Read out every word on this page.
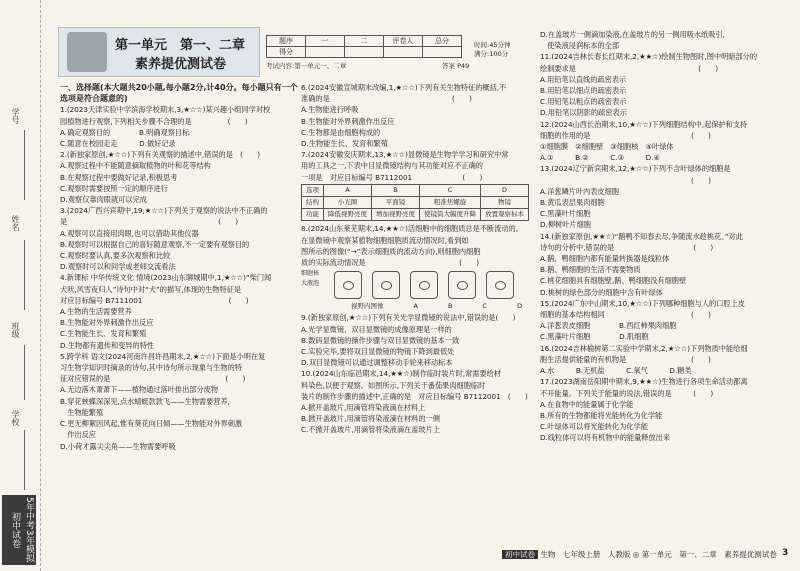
学号
姓名
班级
学校
5年中考3年模拟 初中试卷
第一单元　第一、二章
素养提优测试卷
题序	一	二	评卷人	总分
得分				
时间:45分钟
满分:100分
考试内容:第一单元一、二章	答案 P49

一、选择题(本大题共20小题,每小题2分,计40分。每小题只有一个

选项是符合题意的)

1.(2023天津实验中学滨海学校期末,3,★☆☆)某兴趣小组同学对校

园植物进行观察,下列相关步骤不合理的是　　　　　(　　)

A.确定观察目的　　　　B.明确观察目标

C.随意在校园走走　　　D.做好记录

2.(新独家原创,★☆☆)下列有关观察的描述中,错误的是　(　　)

A.观察过程中不能随意摘取植物的叶和花等结构

B.在观察过程中要做好记录,积极思考

C.观察时需要按照一定的顺序进行

D.观察仅靠肉眼就可以完成

3.(2024广西兴宾期中,19,★☆☆)下列关于观察的说法中不正确的

是　　　　　　　　　　　　　　　　　　　　　(　　)

A.观察可以直接用肉眼,也可以借助其他仪器

B.观察时可以根据自己的喜好随意观察,不一定要有观察目的

C.观察时要认真,要多次观察和比较

D.观察时可以和同学或老师交流看法

4.新课标 中华传统文化 情境(2023山东聊城期中,1,★☆☆)“柴门闻

犬吠,风雪夜归人”诗句中对“犬”的描写,体现的生物特征是

对应目标编号 B7111001　　　　　　　　　　　　(　　)

A.生物的生活需要营养

B.生物能对外界刺激作出反应

C.生物能生长、发育和繁殖

D.生物都有遗传和变异的特性

5.跨学科 语文(2024河南许昌许昌期末,2,★☆☆)下面是小明在复

习生物学知识时摘录的诗句,其中诗句所示现象与生物的特

征对应错误的是　　　　　　　　　　　　　　　　(　　)

A.无边落木萧萧下——植物通过落叶排出部分废物

B.穿花蛱蝶深深见,点水蜻蜓款款飞——生物需要营养,

　生物能繁殖

C.更无柳絮因风起,惟有葵花向日倾——生物能对外界刺激

　作出反应

D.小荷才露尖尖角——生物需要呼吸

6.(2024安徽宣城期末改编,1,★☆☆)下列有关生物特征的概括,不

准确的是　　　　　　　　　　　　　　　　　(　　)

A.生物能进行呼吸

B.生物能对外界刺激作出反应

C.生物都是由细胞构成的

D.生物能生长、发育和繁殖

7.(2024安徽安庆期末,13,★☆☆)显微镜是生物学学习和研究中常

用的工具之一,下表中目显微镜结构与其功能对应不正确的

一项是　对应目标编号 B7112001　　　　　　　(　　)

选项	A	B	C	D
结构	小光圈	平面镜	粗准焦螺旋	物镜
功能	降低视野亮度	增加视野亮度	使镜筒大幅度升降	放置观察标本

8.(2024山东莱芜期末,14,★★☆)活细胞中的细胞质总是不断流动的。

在显微镜中观察某植物细胞细胞质流动情况时,看到如

图所示的图像(“→”表示细胞质的流动方向),则细胞内细胞

质的实际流动情况是　　　　　　　　　　　　　(　　)

细胞核
大液泡
视野内图像	A	B	C	D

9.(新独家原创,★☆☆)下列有关光学显微镜的说法中,错误的是(　　)

A.光学显微镜、双目显微镜的成像原理是一样的

B.数码显微镜的操作步骤与双目显微镜的基本一致

C.实验完毕,要将双目显微镜的物镜下降到最低处

D.双目显微镜可以通过调整移动手轮来移动标本

10.(2024山东临邑期末,14,★★☆)制作临时装片时,常需要给材

料染色,以便于观察。如图所示,下列关于番茄果肉细胞临时

装片的制作步骤的描述中,正确的是　对应目标编号 B7112001　(　　)

A.掀开盖玻片,用滴管将染液滴在材料上

B.掀开盖玻片,用滴管将染液滴在材料的一侧

C.不掀开盖玻片,用滴管将染液滴在盖玻片上

D.在盖玻片一侧滴加染液,在盖玻片的另一侧用吸水纸吸引,

　使染液浸润标本的全部

11.(2024吉林长春长红期末,2,★★☆)绘制生物图时,图中明暗部分的

绘制要求是　　　　　　　　　　　　　　　　　(　　)

A.用铅笔以直线的疏密表示

B.用铅笔以细点的疏密表示

C.用铅笔以粗点的疏密表示

D.用铅笔以阴影的疏密表示

12.(2024山西长治期末,10,★☆☆)下列细胞结构中,起保护和支持

细胞的作用的是　　　　　　　　　　　　　　(　　)

①细胞膜　②细胞壁　③细胞核　④叶绿体

A.①　　　B.②　　　C.③　　　D.④

13.(2024辽宁新宾期末,12,★☆☆)下列不含叶绿体的细胞是

　　　　　　　　　　　　　　　　　　　　　(　　)

A.洋葱鳞片叶内表皮细胞

B.黄瓜表层果肉细胞

C.黑藻叶片细胞

D.柳树叶片细胞

14.(新独家原创,★★☆)“鹅鸭不知春去尽,争随流水趁桃花。”对此

诗句的分析中,错误的是　　　　　　　　　　　(　　)

A.鹅、鸭细胞内都有能量转换器是线粒体

B.鹅、鸭细胞的生活不需要物质

C.桃花细胞具有细胞壁,鹅、鸭细胞没有细胞壁

D.桃树的绿色部分的细胞中含有叶绿体

15.(2024广东中山期末,10,★☆☆)下列哪种细胞与人的口腔上皮

细胞的基本结构相同　　　　　　　　　　　　(　　)

A.洋葱表皮细胞　　　　B.西红柿果肉细胞

C.黑藻叶片细胞　　　　D.肌细胞

16.(2024吉林榆树第二实验中学期末,2,★☆☆)下列物质中能给细

胞生活提供能量的有机物是　　　　　　　　　(　　)

A.水　　　B.无机盐　　　C.氧气　　　D.糖类

17.(2023湖南岳阳期中期末,9,★★☆)生物进行各项生命活动都离

不开能量。下列关于能量的说法,错误的是　　　(　　)

A.在食物中的能量属于化学能

B.所有的生物都能将光能转化为化学能

C.叶绿体可以将光能转化为化学能

D.线粒体可以将有机物中的能量释放出来

初中试卷 生物　七年级上册　人教版 ◎ 第一单元　第一、二章　素养提优测试卷 3
